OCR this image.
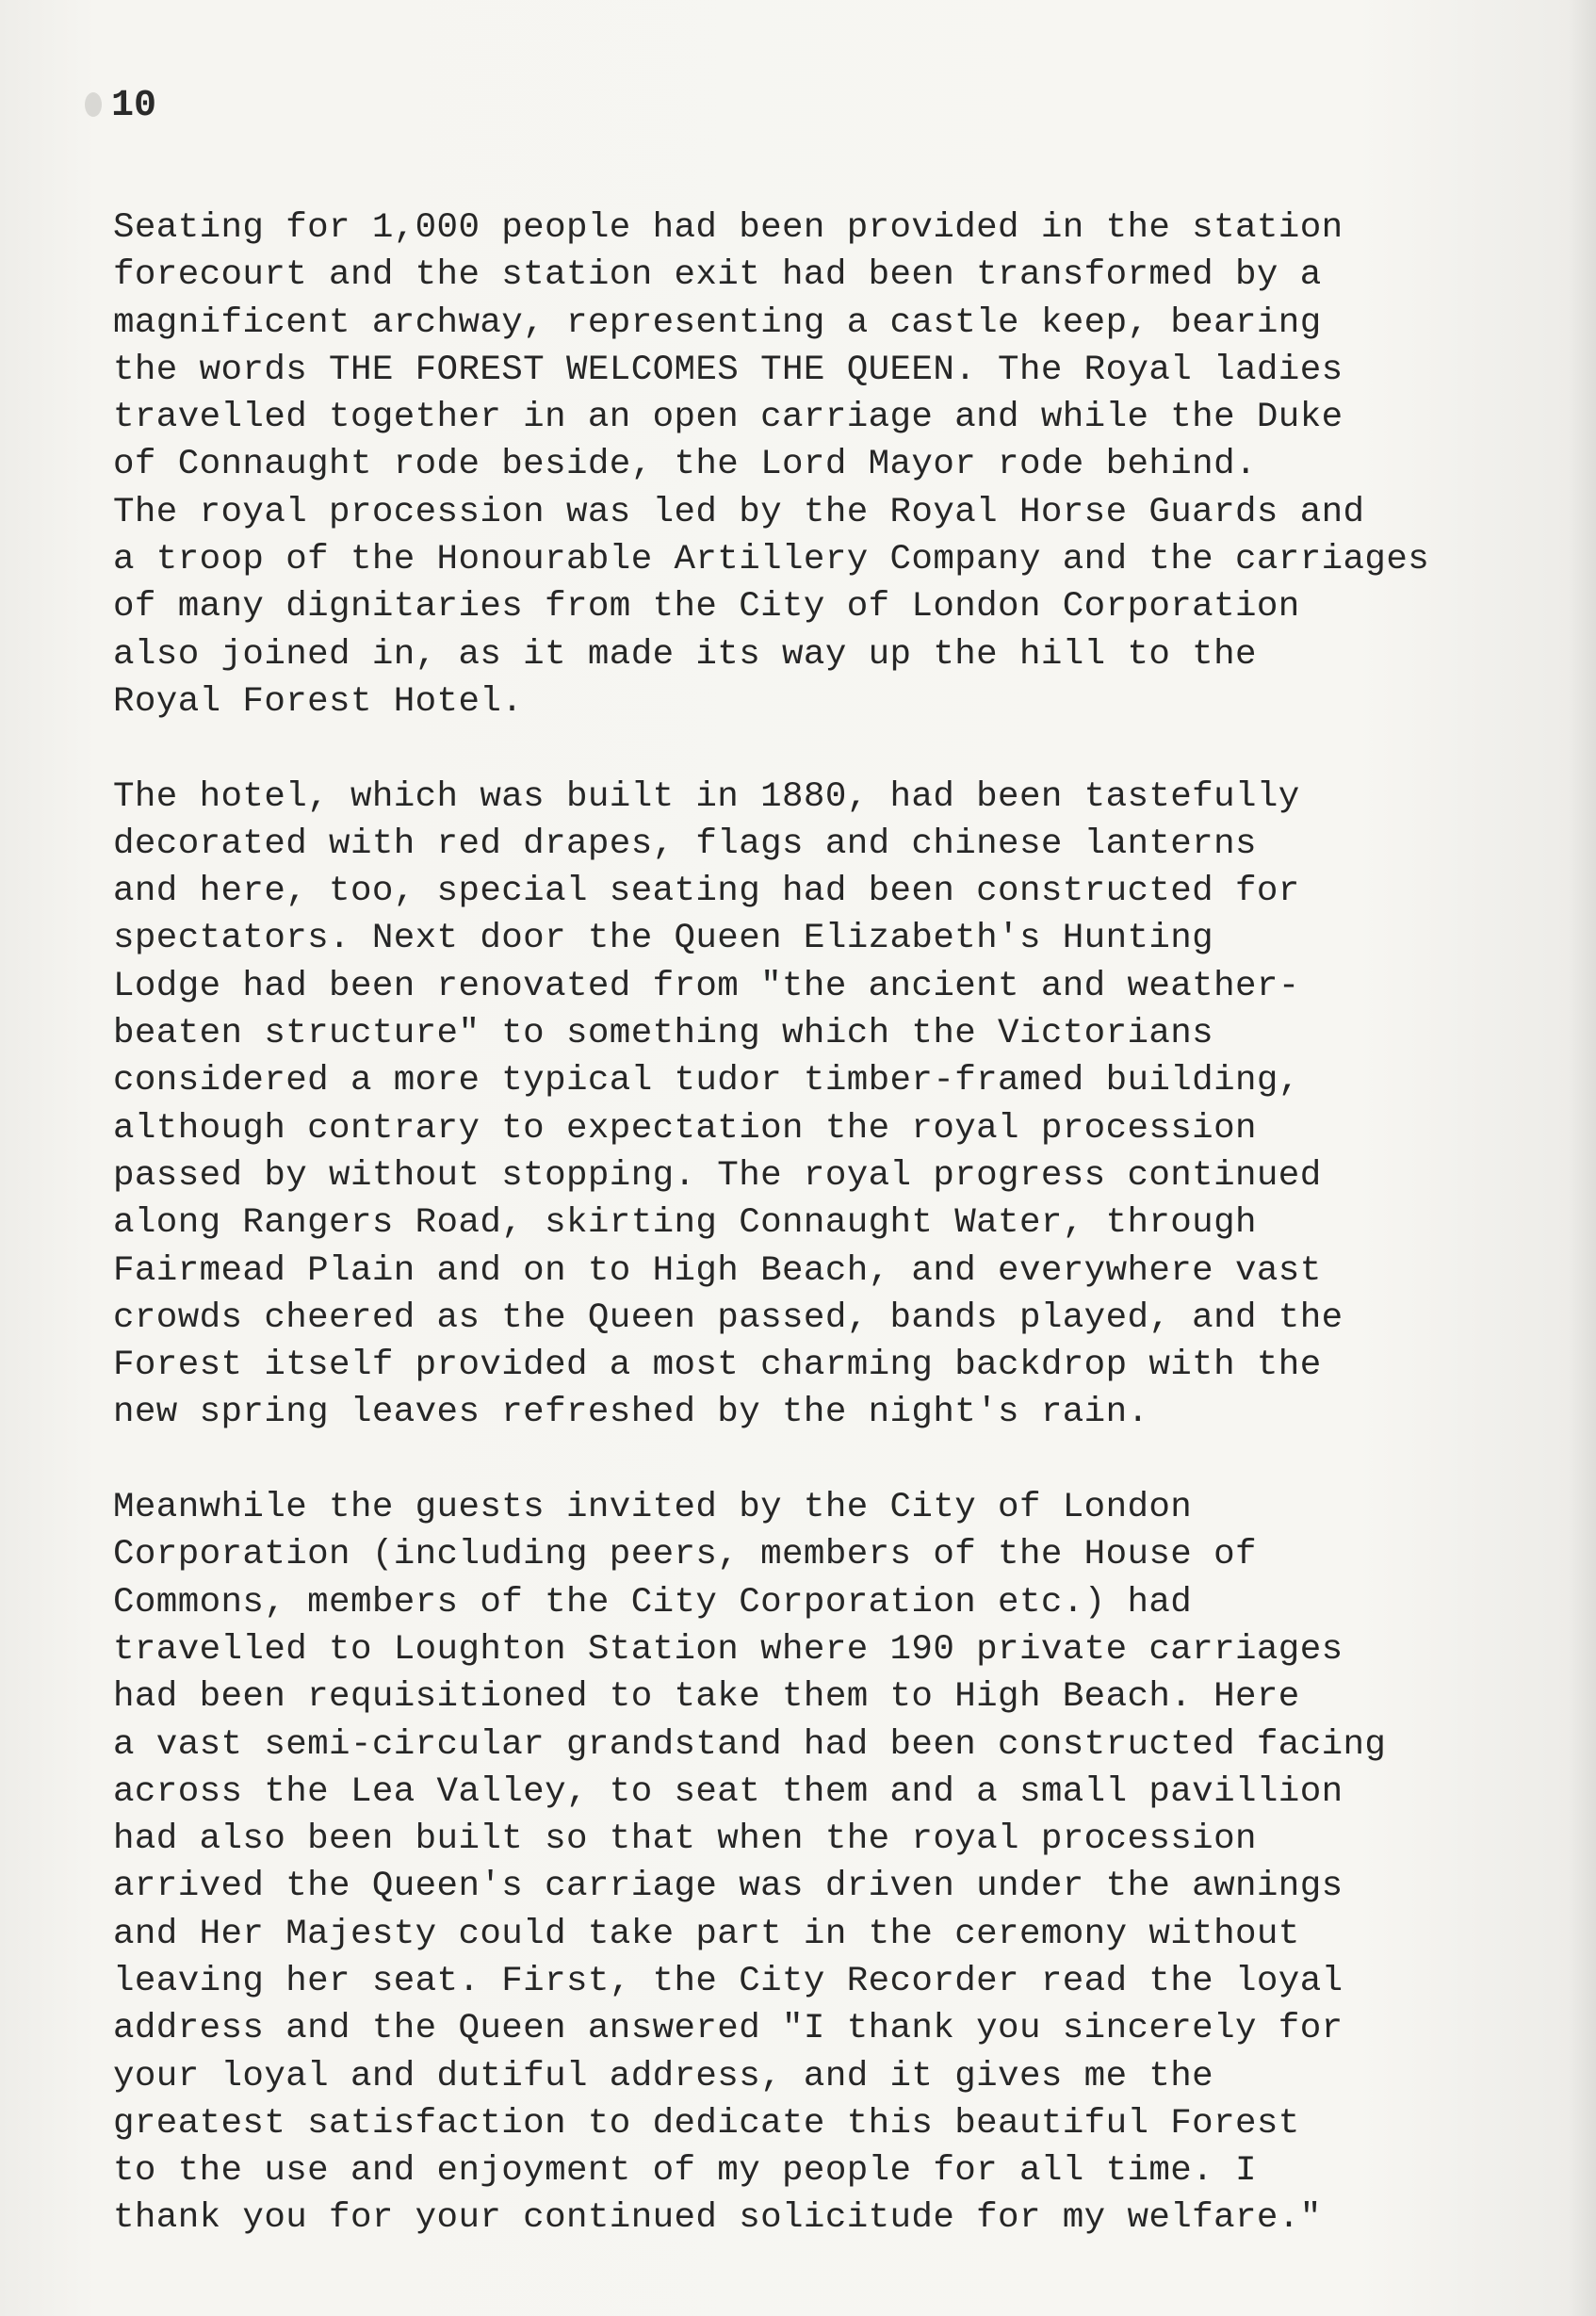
10
Seating for 1,000 people had been provided in the station
forecourt and the station exit had been transformed by a
magnificent archway, representing a castle keep, bearing
the words THE FOREST WELCOMES THE QUEEN. The Royal ladies
travelled together in an open carriage and while the Duke
of Connaught rode beside, the Lord Mayor rode behind.
The royal procession was led by the Royal Horse Guards and
a troop of the Honourable Artillery Company and the carriages
of many dignitaries from the City of London Corporation
also joined in, as it made its way up the hill to the
Royal Forest Hotel.
The hotel, which was built in 1880, had been tastefully
decorated with red drapes, flags and chinese lanterns
and here, too, special seating had been constructed for
spectators. Next door the Queen Elizabeth's Hunting
Lodge had been renovated from "the ancient and weather-
beaten structure" to something which the Victorians
considered a more typical tudor timber-framed building,
although contrary to expectation the royal procession
passed by without stopping. The royal progress continued
along Rangers Road, skirting Connaught Water, through
Fairmead Plain and on to High Beach, and everywhere vast
crowds cheered as the Queen passed, bands played, and the
Forest itself provided a most charming backdrop with the
new spring leaves refreshed by the night's rain.
Meanwhile the guests invited by the City of London
Corporation (including peers, members of the House of
Commons, members of the City Corporation etc.) had
travelled to Loughton Station where 190 private carriages
had been requisitioned to take them to High Beach. Here
a vast semi-circular grandstand had been constructed facing
across the Lea Valley, to seat them and a small pavillion
had also been built so that when the royal procession
arrived the Queen's carriage was driven under the awnings
and Her Majesty could take part in the ceremony without
leaving her seat. First, the City Recorder read the loyal
address and the Queen answered "I thank you sincerely for
your loyal and dutiful address, and it gives me the
greatest satisfaction to dedicate this beautiful Forest
to the use and enjoyment of my people for all time. I
thank you for your continued solicitude for my welfare."
